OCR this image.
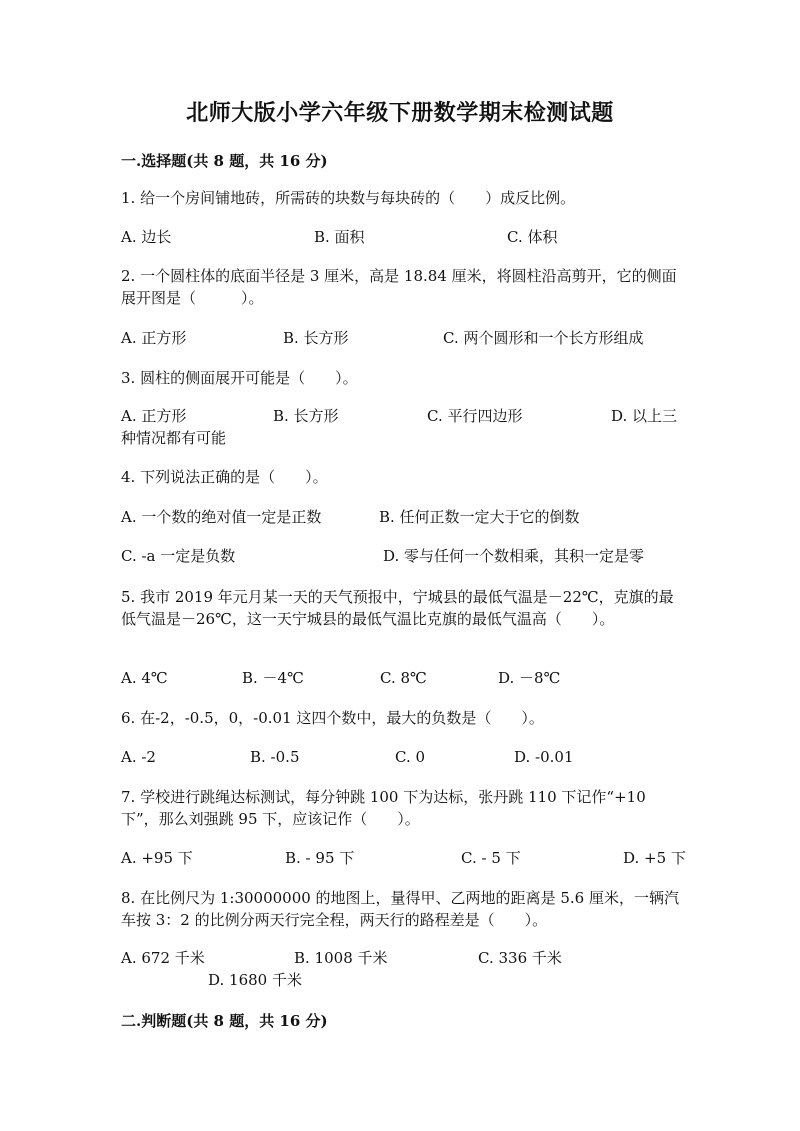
北师大版小学六年级下册数学期末检测试题
一.选择题(共 8 题，共 16 分)
1. 给一个房间铺地砖，所需砖的块数与每块砖的（　　）成反比例。
A. 边长	B. 面积	C. 体积
2. 一个圆柱体的底面半径是 3 厘米，高是 18.84 厘米，将圆柱沿高剪开，它的侧面展开图是（　　　）。
A. 正方形	B. 长方形	C. 两个圆形和一个长方形组成
3. 圆柱的侧面展开可能是（　　）。
A. 正方形	B. 长方形	C. 平行四边形	D. 以上三
种情况都有可能
4. 下列说法正确的是（　　）。
A. 一个数的绝对值一定是正数	B. 任何正数一定大于它的倒数
C. -a 一定是负数	D. 零与任何一个数相乘，其积一定是零
5. 我市 2019 年元月某一天的天气预报中，宁城县的最低气温是－22℃，克旗的最低气温是－26℃，这一天宁城县的最低气温比克旗的最低气温高（　　）。
A. 4℃	B. －4℃	C. 8℃	D. －8℃
6. 在-2，-0.5，0，-0.01 这四个数中，最大的负数是（　　）。
A. -2	B. -0.5	C. 0	D. -0.01
7. 学校进行跳绳达标测试，每分钟跳 100 下为达标，张丹跳 110 下记作“+10 下”，那么刘强跳 95 下，应该记作（　　）。
A. +95 下	B. - 95 下	C. - 5 下	D. +5 下
8. 在比例尺为 1:30000000 的地图上，量得甲、乙两地的距离是 5.6 厘米，一辆汽车按 3：2 的比例分两天行完全程，两天行的路程差是（　　）。
A. 672 千米	B. 1008 千米	C. 336 千米
D. 1680 千米
二.判断题(共 8 题，共 16 分)
